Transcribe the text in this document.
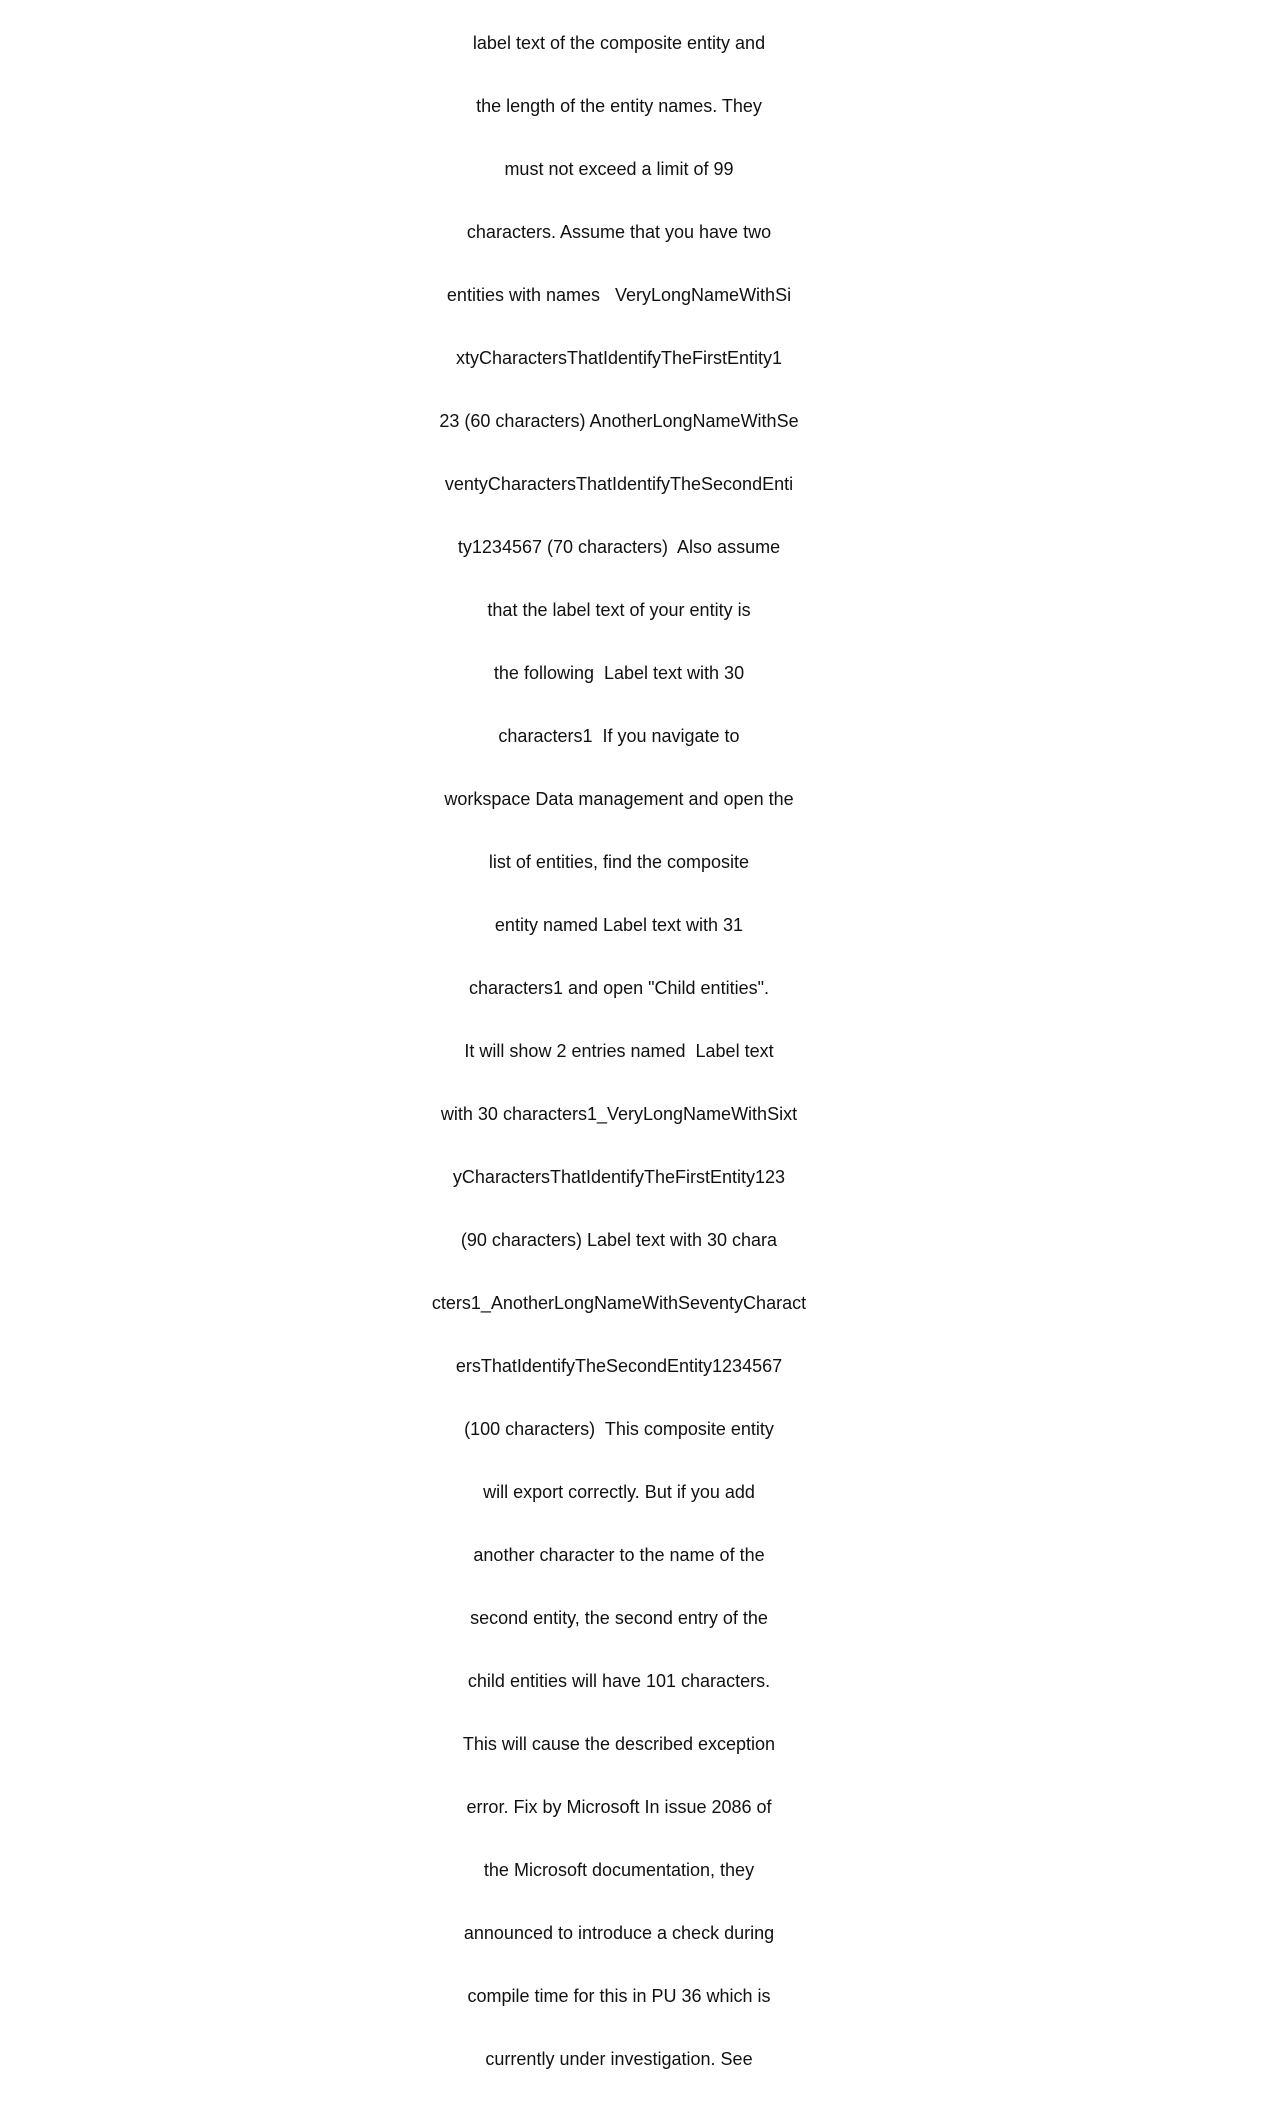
label text of the composite entity and

the length of the entity names. They

must not exceed a limit of 99

characters. Assume that you have two

entities with names   VeryLongNameWithSi

xtyCharactersThatIdentifyTheFirstEntity1

23 (60 characters) AnotherLongNameWithSe

ventyCharactersThatIdentifyTheSecondEnti

ty1234567 (70 characters)  Also assume

that the label text of your entity is

the following  Label text with 30

characters1  If you navigate to

workspace Data management and open the

list of entities, find the composite

entity named Label text with 31

characters1 and open "Child entities".

It will show 2 entries named  Label text

with 30 characters1_VeryLongNameWithSixt

yCharactersThatIdentifyTheFirstEntity123

(90 characters) Label text with 30 chara

cters1_AnotherLongNameWithSeventyCharact

ersThatIdentifyTheSecondEntity1234567

(100 characters)  This composite entity

will export correctly. But if you add

another character to the name of the

second entity, the second entry of the

child entities will have 101 characters.

This will cause the described exception

error. Fix by Microsoft In issue 2086 of

the Microsoft documentation, they

announced to introduce a check during

compile time for this in PU 36 which is

currently under investigation. See
